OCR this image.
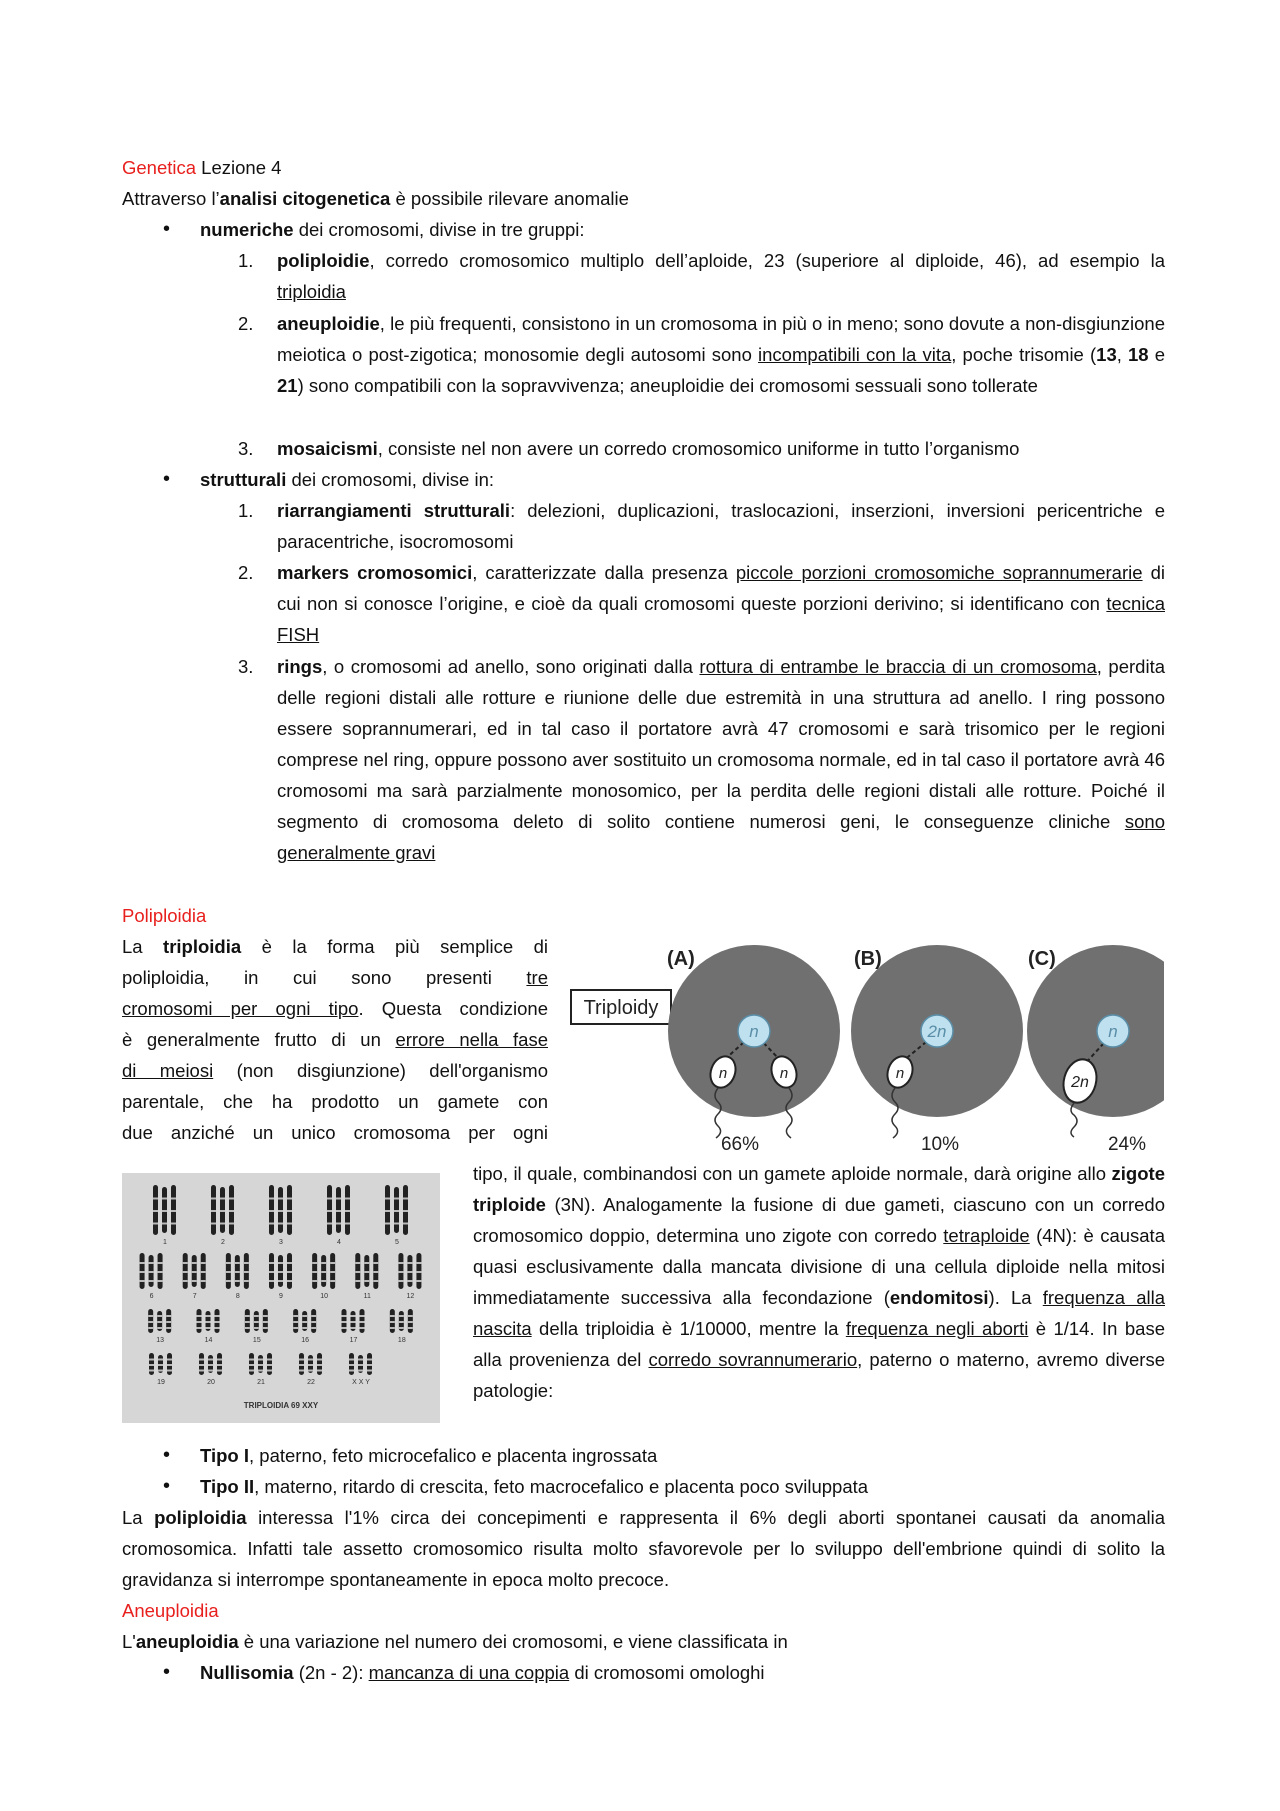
Genetica Lezione 4
Attraverso l’analisi citogenetica è possibile rilevare anomalie
• numeriche dei cromosomi, divise in tre gruppi:
1. poliploidie, corredo cromosomico multiplo dell’aploide, 23 (superiore al diploide, 46), ad esempio la triploidia

2. aneuploidie, le più frequenti, consistono in un cromosoma in più o in meno; sono dovute a non-disgiunzione meiotica o post-zigotica; monosomie degli autosomi sono incompatibili con la vita, poche trisomie (13, 18 e 21) sono compatibili con la sopravvivenza; aneuploidie dei cromosomi sessuali sono tollerate

3. mosaicismi, consiste nel non avere un corredo cromosomico uniforme in tutto l’organismo

• strutturali dei cromosomi, divise in:
1. riarrangiamenti strutturali: delezioni, duplicazioni, traslocazioni, inserzioni, inversioni pericentriche e paracentriche, isocromosomi

2. markers cromosomici, caratterizzate dalla presenza piccole porzioni cromosomiche soprannumerarie di cui non si conosce l’origine, e cioè da quali cromosomi queste porzioni derivino; si identificano con tecnica FISH

3. rings, o cromosomi ad anello, sono originati dalla rottura di entrambe le braccia di un cromosoma, perdita delle regioni distali alle rotture e riunione delle due estremità in una struttura ad anello. I ring possono essere soprannumerari, ed in tal caso il portatore avrà 47 cromosomi e sarà trisomico per le regioni comprese nel ring, oppure possono aver sostituito un cromosoma normale, ed in tal caso il portatore avrà 46 cromosomi ma sarà parzialmente monosomico, per la perdita delle regioni distali alle rotture. Poiché il segmento di cromosoma deleto di solito contiene numerosi geni, le conseguenze cliniche sono generalmente gravi

Poliploidia

La triploidia è la forma più semplice di

poliploidia, in cui sono presenti tre

cromosomi per ogni tipo. Questa condizione

è generalmente frutto di un errore nella fase

di meiosi (non disgiunzione) dell'organismo

parentale, che ha prodotto un gamete con

due anziché un unico cromosoma per ogni

Triploidy
(A)
n
n	n
66%
(B)
2n
n
10%
(C)
n
2n
24%
1	2	3	4	5
6	7	8	9	10	11	12
13	14	15	16	17	18
19	20	21	22	X X Y
TRIPLOIDIA 69 XXY

tipo, il quale, combinandosi con un gamete aploide normale, darà origine allo zigote triploide (3N). Analogamente la fusione di due gameti, ciascuno con un corredo cromosomico doppio, determina uno zigote con corredo tetraploide (4N): è causata quasi esclusivamente dalla mancata divisione di una cellula diploide nella mitosi immediatamente successiva alla fecondazione (endomitosi). La frequenza alla nascita della triploidia è 1/10000, mentre la frequenza negli aborti è 1/14. In base alla provenienza del corredo sovrannumerario, paterno o materno, avremo diverse patologie:

• Tipo I, paterno, feto microcefalico e placenta ingrossata
• Tipo II, materno, ritardo di crescita, feto macrocefalico e placenta poco sviluppata

La poliploidia interessa l'1% circa dei concepimenti e rappresenta il 6% degli aborti spontanei causati da anomalia cromosomica. Infatti tale assetto cromosomico risulta molto sfavorevole per lo sviluppo dell'embrione quindi di solito la gravidanza si interrompe spontaneamente in epoca molto precoce.

Aneuploidia
L'aneuploidia è una variazione nel numero dei cromosomi, e viene classificata in
• Nullisomia (2n - 2): mancanza di una coppia di cromosomi omologhi
